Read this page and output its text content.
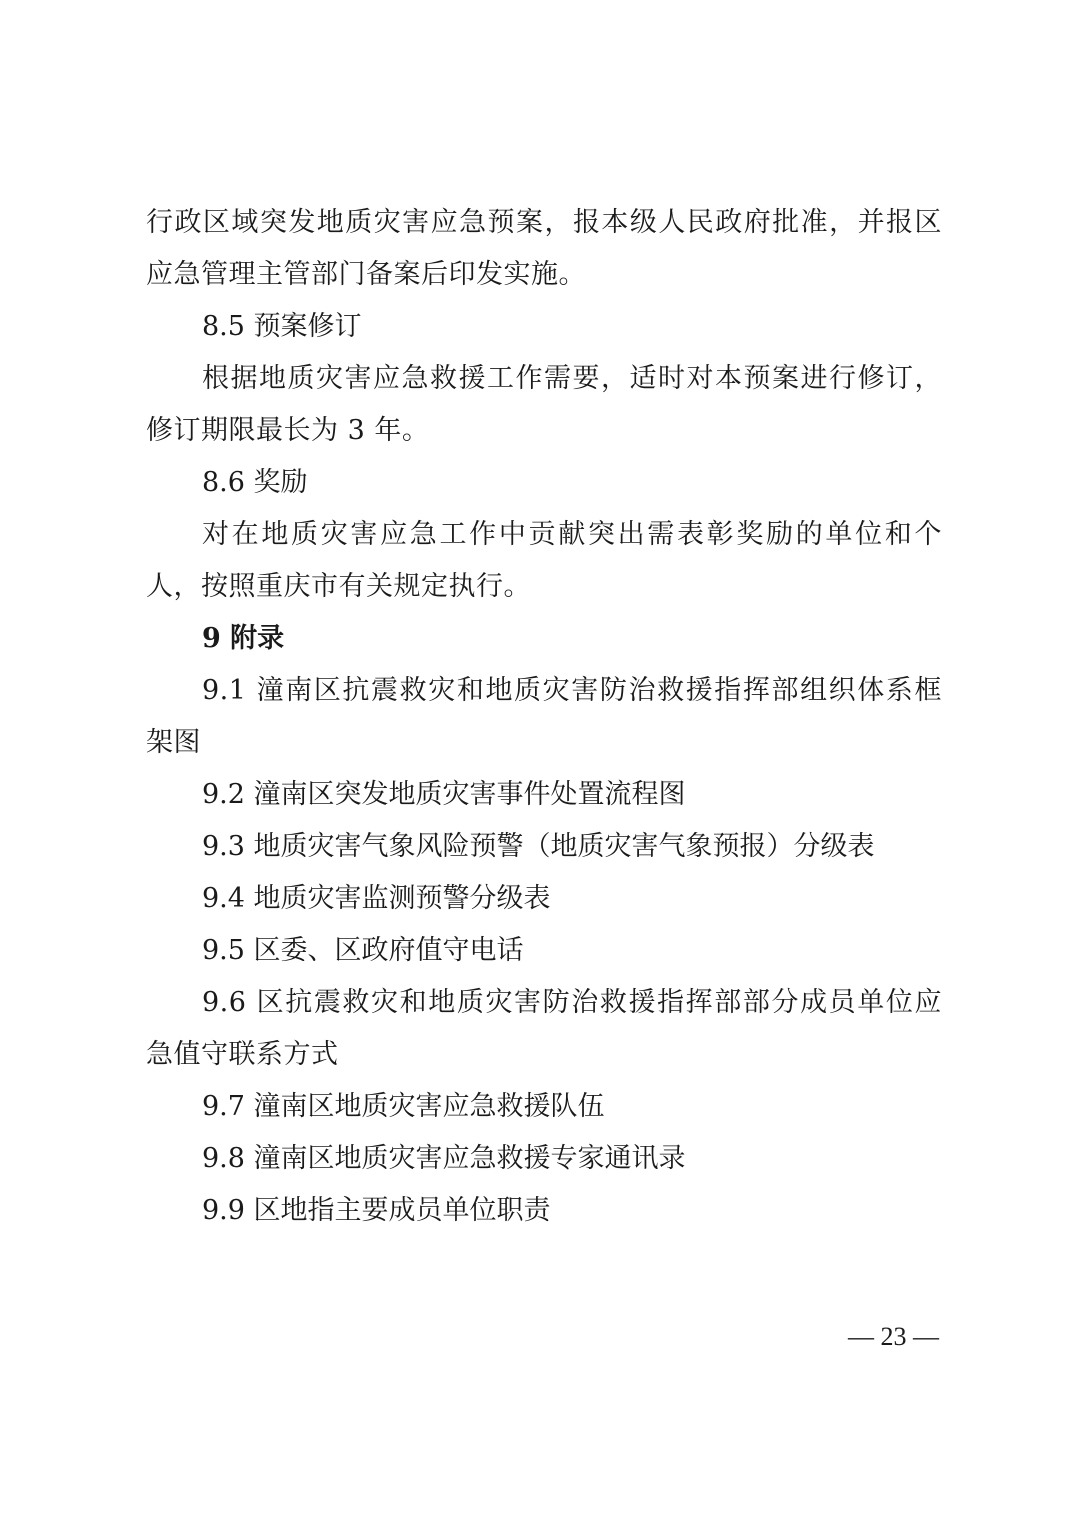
行政区域突发地质灾害应急预案，报本级人民政府批准，并报区
应急管理主管部门备案后印发实施。
8.5 预案修订
根据地质灾害应急救援工作需要，适时对本预案进行修订，
修订期限最长为 3 年。
8.6 奖励
对在地质灾害应急工作中贡献突出需表彰奖励的单位和个
人，按照重庆市有关规定执行。
9 附录
9.1 潼南区抗震救灾和地质灾害防治救援指挥部组织体系框
架图
9.2 潼南区突发地质灾害事件处置流程图
9.3 地质灾害气象风险预警（地质灾害气象预报）分级表
9.4 地质灾害监测预警分级表
9.5 区委、区政府值守电话
9.6 区抗震救灾和地质灾害防治救援指挥部部分成员单位应
急值守联系方式
9.7 潼南区地质灾害应急救援队伍
9.8 潼南区地质灾害应急救援专家通讯录
9.9 区地指主要成员单位职责
— 23 —
